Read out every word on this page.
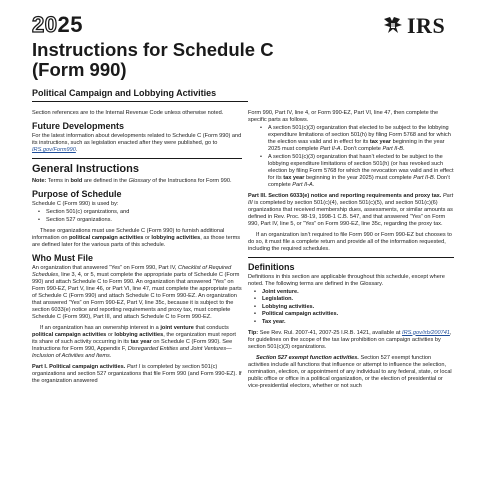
2025	IRS
Instructions for Schedule C
(Form 990)
Political Campaign and Lobbying Activities

Section references are to the Internal Revenue Code unless otherwise noted.

Future Developments

For the latest information about developments related to Schedule C (Form 990) and its instructions, such as legislation enacted after they were published, go to IRS.gov/Form990.

General Instructions

Note: Terms in bold are defined in the Glossary of the Instructions for Form 990.

Purpose of Schedule

Schedule C (Form 990) is used by:

• Section 501(c) organizations, and
• Section 527 organizations.

These organizations must use Schedule C (Form 990) to furnish additional information on political campaign activities or lobbying activities, as those terms are defined later for the various parts of this schedule.

Who Must File

An organization that answered “Yes” on Form 990, Part IV, Checklist of Required Schedules, line 3, 4, or 5, must complete the appropriate parts of Schedule C (Form 990) and attach Schedule C to Form 990. An organization that answered “Yes” on Form 990-EZ, Part V, line 46, or Part VI, line 47, must complete the appropriate parts of Schedule C (Form 990) and attach Schedule C to Form 990-EZ. An organization that answered “Yes” on Form 990-EZ, Part V, line 35c, because it is subject to the section 6033(e) notice and reporting requirements and proxy tax, must complete Schedule C (Form 990), Part III, and attach Schedule C to Form 990-EZ.

If an organization has an ownership interest in a joint venture that conducts political campaign activities or lobbying activities, the organization must report its share of such activity occurring in its tax year on Schedule C (Form 990). See Instructions for Form 990, Appendix F, Disregarded Entities and Joint Ventures—Inclusion of Activities and Items.

Part I. Political campaign activities. Part I is completed by section 501(c) organizations and section 527 organizations that file Form 990 (and Form 990-EZ). If the organization answered

Form 990, Part IV, line 4, or Form 990-EZ, Part VI, line 47, then complete the specific parts as follows.

• A section 501(c)(3) organization that elected to be subject to the lobbying expenditure limitations of section 501(h) by filing Form 5768 and for which the election was valid and in effect for its tax year beginning in the year 2025 must complete Part II-A. Don’t complete Part II-B.
• A section 501(c)(3) organization that hasn’t elected to be subject to the lobbying expenditure limitations of section 501(h) (or has revoked such election by filing Form 5768 for which the revocation was valid and in effect for its tax year beginning in the year 2025) must complete Part II-B. Don’t complete Part II-A.

Part III. Section 6033(e) notice and reporting requirements and proxy tax. Part III is completed by section 501(c)(4), section 501(c)(5), and section 501(c)(6) organizations that received membership dues, assessments, or similar amounts as defined in Rev. Proc. 98-19, 1998-1 C.B. 547, and that answered “Yes” on Form 990, Part IV, line 5, or “Yes” on Form 990-EZ, line 35c, regarding the proxy tax.

If an organization isn’t required to file Form 990 or Form 990-EZ but chooses to do so, it must file a complete return and provide all of the information requested, including the required schedules.

Definitions

Definitions in this section are applicable throughout this schedule, except where noted. The following terms are defined in the Glossary.

• Joint venture.
• Legislation.
• Lobbying activities.
• Political campaign activities.
• Tax year.

Tip: See Rev. Rul. 2007-41, 2007-25 I.R.B. 1421, available at IRS.gov/irb/200741, for guidelines on the scope of the tax law prohibition on campaign activities by section 501(c)(3) organizations.

Section 527 exempt function activities. Section 527 exempt function activities include all functions that influence or attempt to influence the selection, nomination, election, or appointment of any individual to any federal, state, or local public office or office in a political organization, or the election of presidential or vice-presidential electors, whether or not such
